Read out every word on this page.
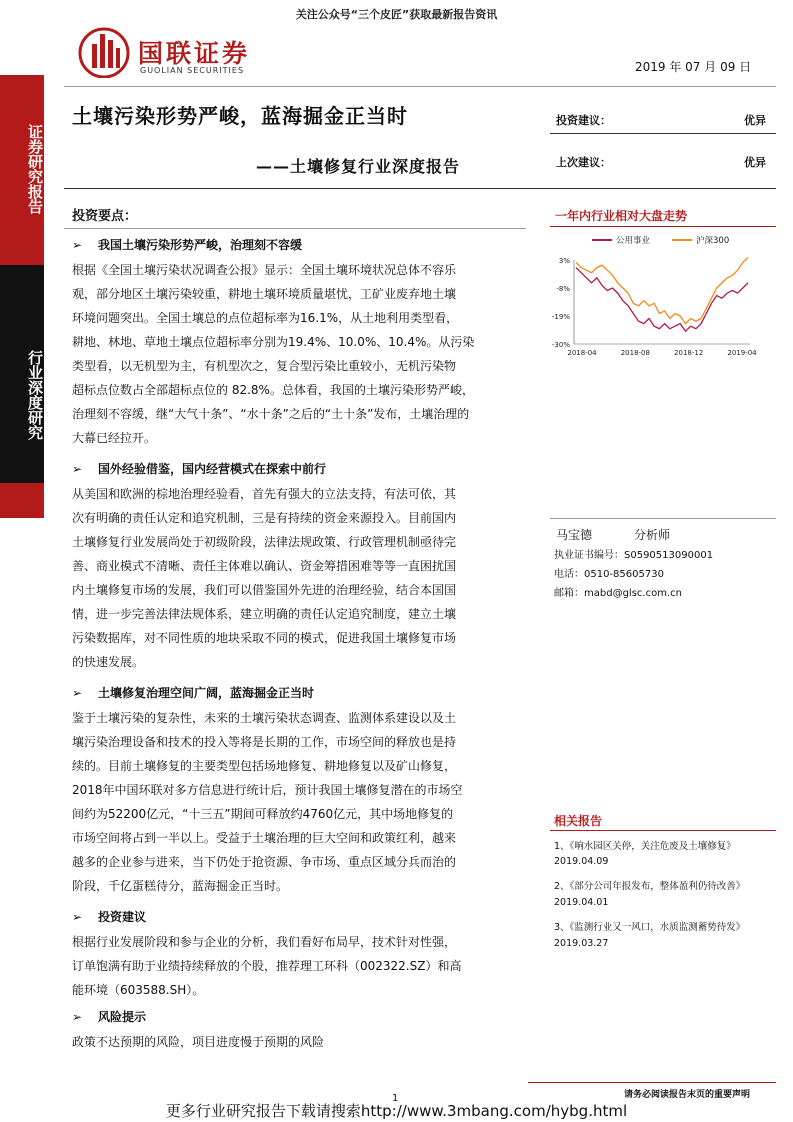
关注公众号“三个皮匠”获取最新报告资讯
国联证券
GUOLIAN SECURITIES	2019 年 07 月 09 日
证券研究报告
行业深度研究
土壤污染形势严峻，蓝海掘金正当时
——土壤修复行业深度报告
投资建议：	优异
上次建议：	优异
投资要点：
➢ 我国土壤污染形势严峻，治理刻不容缓
根据《全国土壤污染状况调查公报》显示：全国土壤环境状况总体不容乐
观，部分地区土壤污染较重，耕地土壤环境质量堪忧，工矿业废弃地土壤
环境问题突出。全国土壤总的点位超标率为16.1%，从土地利用类型看，
耕地、林地、草地土壤点位超标率分别为19.4%、10.0%、10.4%。从污染
类型看，以无机型为主，有机型次之，复合型污染比重较小，无机污染物
超标点位数占全部超标点位的 82.8%。总体看，我国的土壤污染形势严峻，
治理刻不容缓，继“大气十条”、“水十条”之后的“土十条”发布，土壤治理的
大幕已经拉开。
➢ 国外经验借鉴，国内经营模式在探索中前行
从美国和欧洲的棕地治理经验看，首先有强大的立法支持，有法可依，其
次有明确的责任认定和追究机制，三是有持续的资金来源投入。目前国内
土壤修复行业发展尚处于初级阶段，法律法规政策、行政管理机制亟待完
善、商业模式不清晰、责任主体难以确认、资金筹措困难等等一直困扰国
内土壤修复市场的发展，我们可以借鉴国外先进的治理经验，结合本国国
情，进一步完善法律法规体系，建立明确的责任认定追究制度，建立土壤
污染数据库，对不同性质的地块采取不同的模式，促进我国土壤修复市场
的快速发展。
➢ 土壤修复治理空间广阔，蓝海掘金正当时
鉴于土壤污染的复杂性，未来的土壤污染状态调查、监测体系建设以及土
壤污染治理设备和技术的投入等将是长期的工作，市场空间的释放也是持
续的。目前土壤修复的主要类型包括场地修复、耕地修复以及矿山修复，
2018年中国环联对多方信息进行统计后，预计我国土壤修复潜在的市场空
间约为52200亿元，“十三五”期间可释放约4760亿元，其中场地修复的
市场空间将占到一半以上。受益于土壤治理的巨大空间和政策红利，越来
越多的企业参与进来，当下仍处于抢资源、争市场、重点区域分兵而治的
阶段，千亿蛋糕待分，蓝海掘金正当时。
➢ 投资建议
根据行业发展阶段和参与企业的分析，我们看好布局早，技术针对性强，
订单饱满有助于业绩持续释放的个股，推荐理工环科（002322.SZ）和高
能环境（603588.SH）。
➢ 风险提示
政策不达预期的风险，项目进度慢于预期的风险
一年内行业相对大盘走势
公用事业	沪深300
3%
-8%
-19%
-30%
2018-04	2018-08	2018-12	2019-04
马宝德	分析师
执业证书编号：S0590513090001
电话：0510-85605730
邮箱：mabd@glsc.com.cn
相关报告
1、《响水园区关停，关注危废及土壤修复》
2019.04.09
2、《部分公司年报发布，整体盈利仍待改善》
2019.04.01
3、《监测行业又一风口，水质监测蓄势待发》
2019.03.27
请务必阅读报告末页的重要声明
1
更多行业研究报告下载请搜索http://www.3mbang.com/hybg.html
